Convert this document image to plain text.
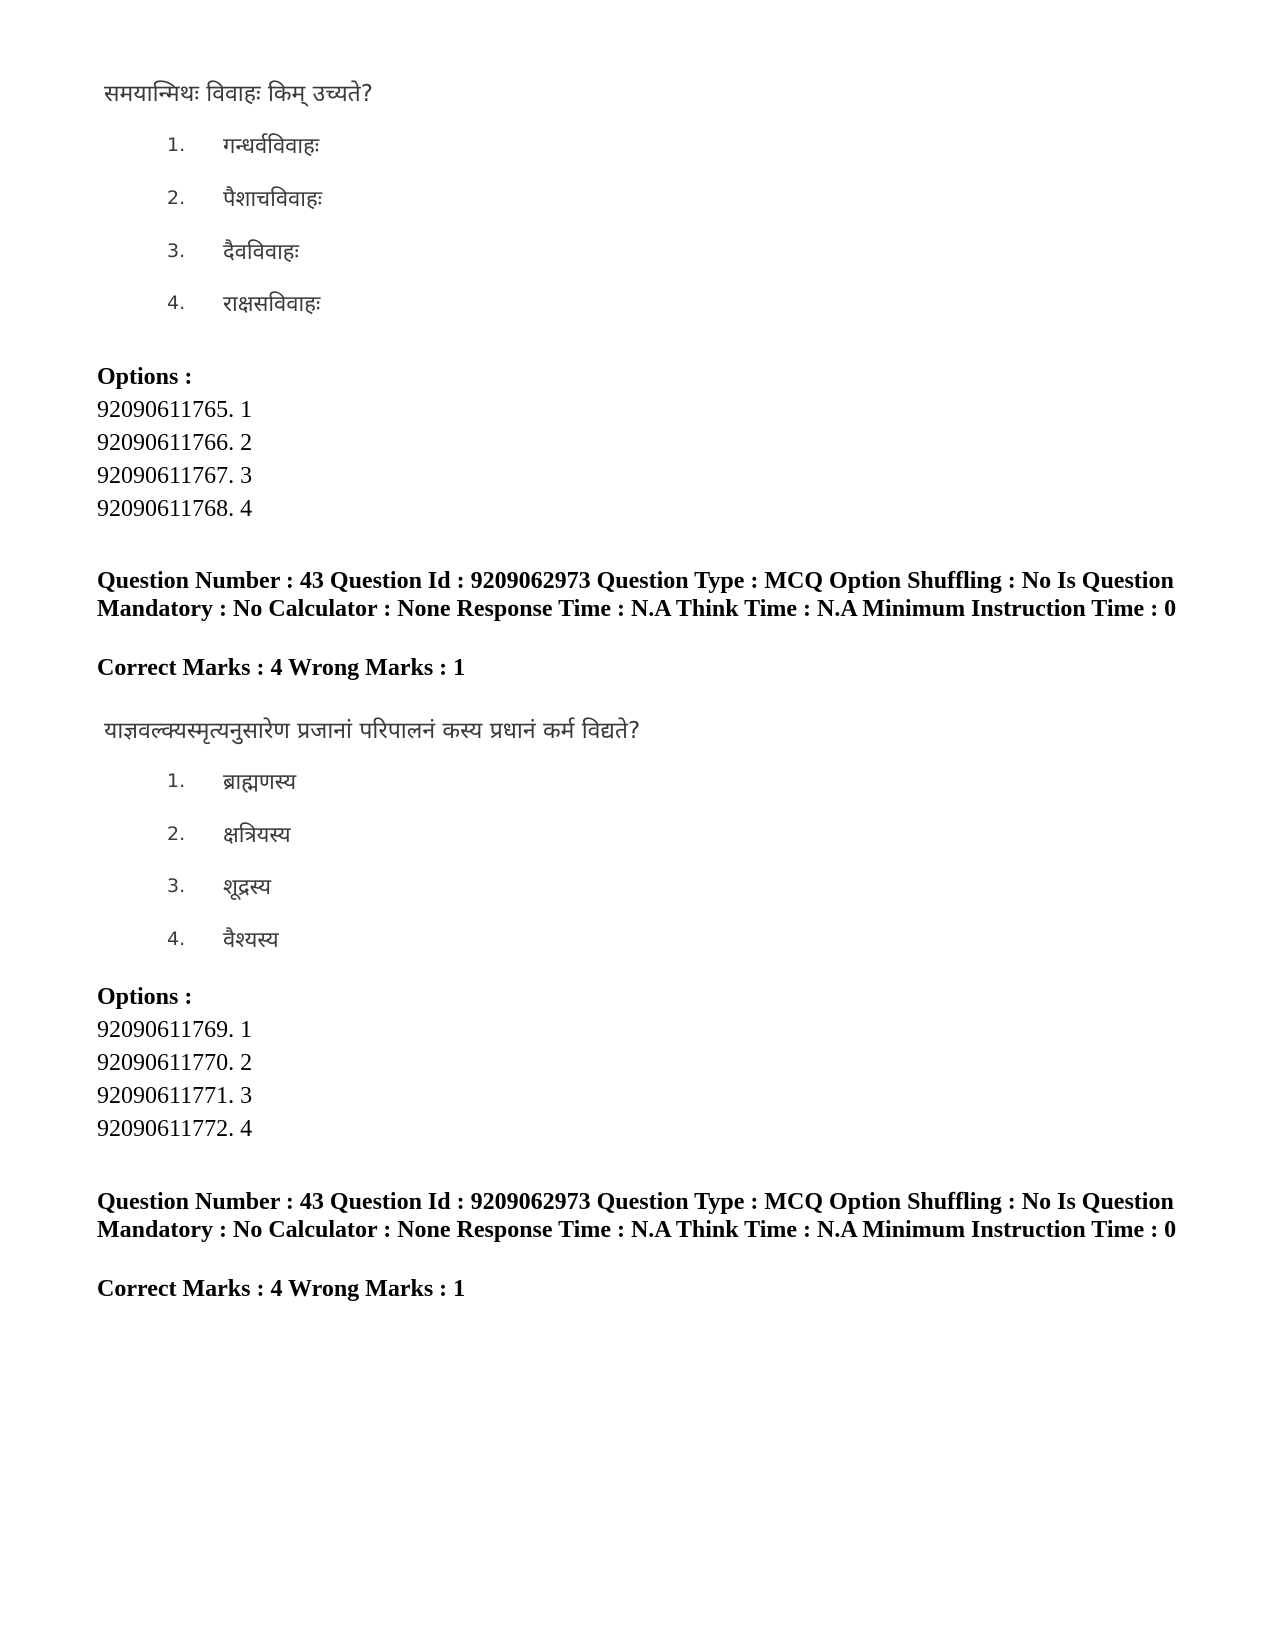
समयान्मिथः विवाहः किम् उच्यते?
1.	गन्धर्वविवाहः
2.	पैशाचविवाहः
3.	दैवविवाहः
4.	राक्षसविवाहः
Options :
92090611765. 1
92090611766. 2
92090611767. 3
92090611768. 4
Question Number : 43 Question Id : 9209062973 Question Type : MCQ Option Shuffling : No Is Question Mandatory : No Calculator : None Response Time : N.A Think Time : N.A Minimum Instruction Time : 0
Correct Marks : 4 Wrong Marks : 1
याज्ञवल्क्यस्मृत्यनुसारेण प्रजानां परिपालनं कस्य प्रधानं कर्म विद्यते?
1.	ब्राह्मणस्य
2.	क्षत्रियस्य
3.	शूद्रस्य
4.	वैश्यस्य
Options :
92090611769. 1
92090611770. 2
92090611771. 3
92090611772. 4
Question Number : 43 Question Id : 9209062973 Question Type : MCQ Option Shuffling : No Is Question Mandatory : No Calculator : None Response Time : N.A Think Time : N.A Minimum Instruction Time : 0
Correct Marks : 4 Wrong Marks : 1
